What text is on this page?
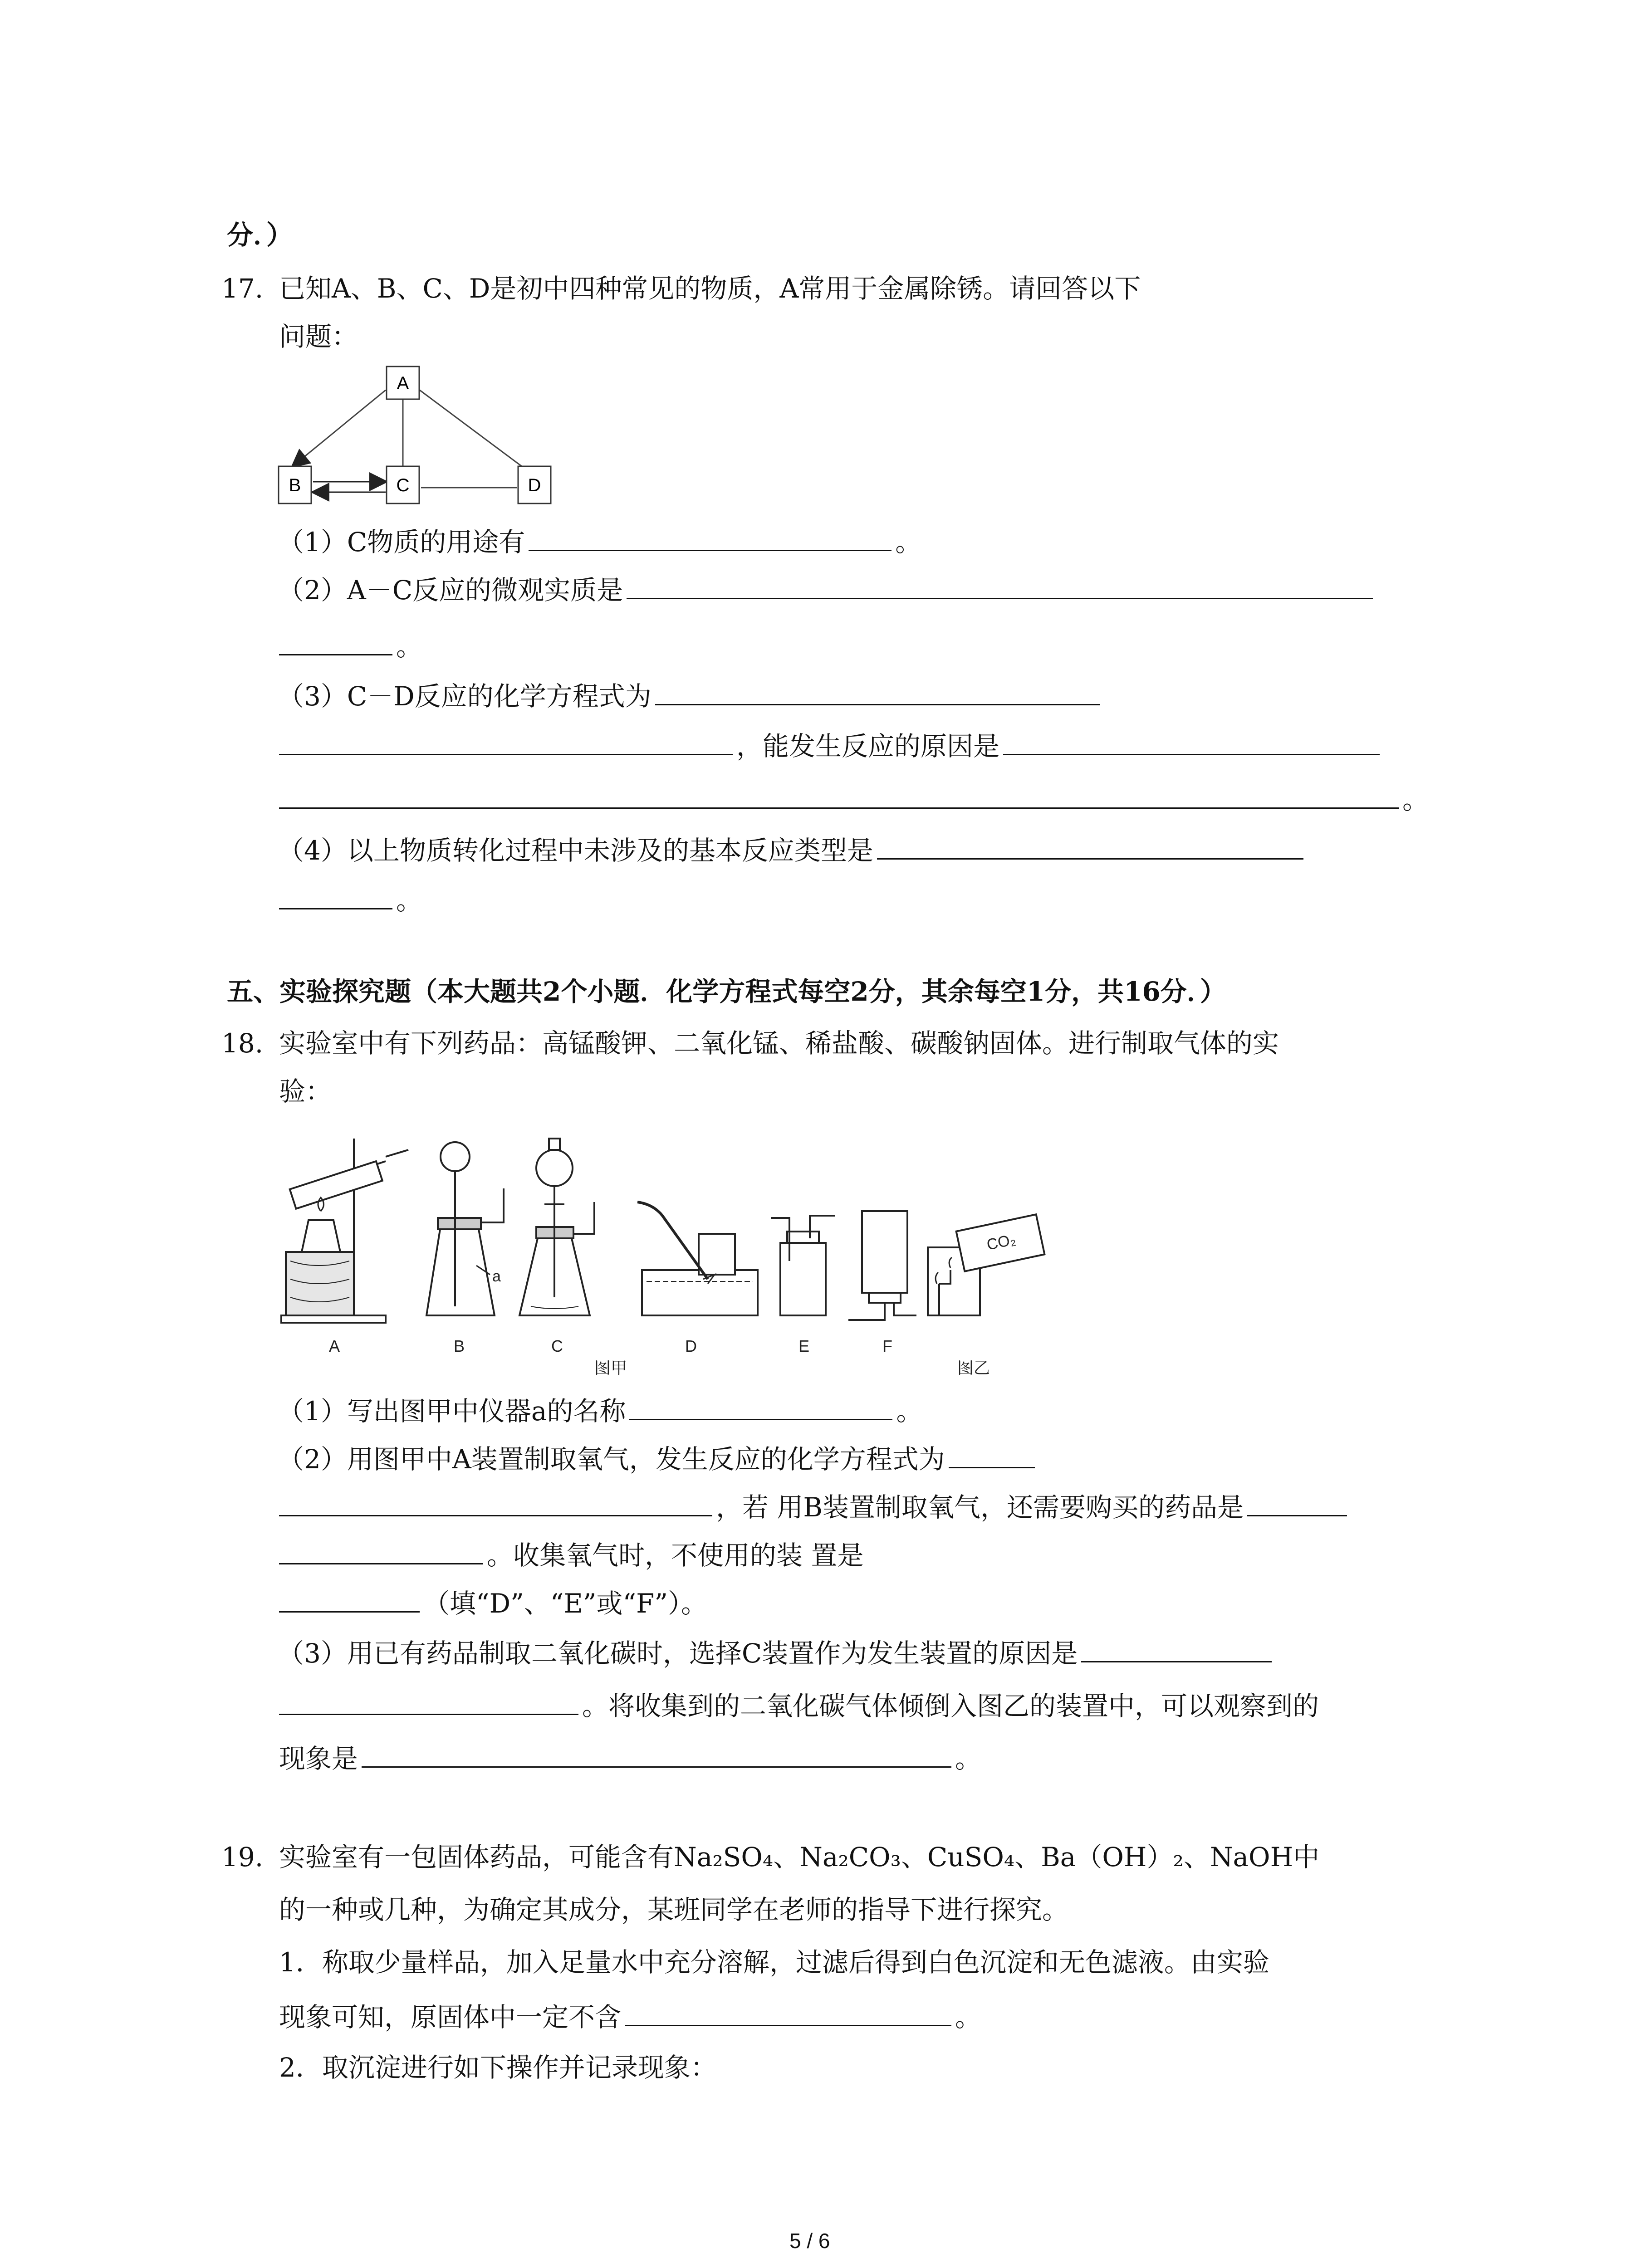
分．）
17. 已知A、B、C、D是初中四种常见的物质，A常用于金属除锈。请回答以下
问题：
A
B	C	D
（1）C物质的用途有	。
（2）A－C反应的微观实质是
。
（3）C－D反应的化学方程式为
，能发生反应的原因是
。
（4）以上物质转化过程中未涉及的基本反应类型是
。
五、实验探究题（本大题共2个小题．化学方程式每空2分，其余每空1分，共16分．）
18. 实验室中有下列药品：高锰酸钾、二氧化锰、稀盐酸、碳酸钠固体。进行制取气体的实
验：
a
CO₂
A	B	C	D	E	F
图甲	图乙
（1）写出图甲中仪器a的名称	。
（2）用图甲中A装置制取氧气，发生反应的化学方程式为
，若 用B装置制取氧气，还需要购买的药品是
。收集氧气时，不使用的装 置是
（填“D”、“E”或“F”）。
（3）用已有药品制取二氧化碳时，选择C装置作为发生装置的原因是
。将收集到的二氧化碳气体倾倒入图乙的装置中，可以观察到的
现象是	。
19. 实验室有一包固体药品，可能含有Na₂SO₄、Na₂CO₃、CuSO₄、Ba（OH）₂、NaOH中
的一种或几种，为确定其成分，某班同学在老师的指导下进行探究。
1．称取少量样品，加入足量水中充分溶解，过滤后得到白色沉淀和无色滤液。由实验
现象可知，原固体中一定不含	。
2．取沉淀进行如下操作并记录现象：
5 / 6
